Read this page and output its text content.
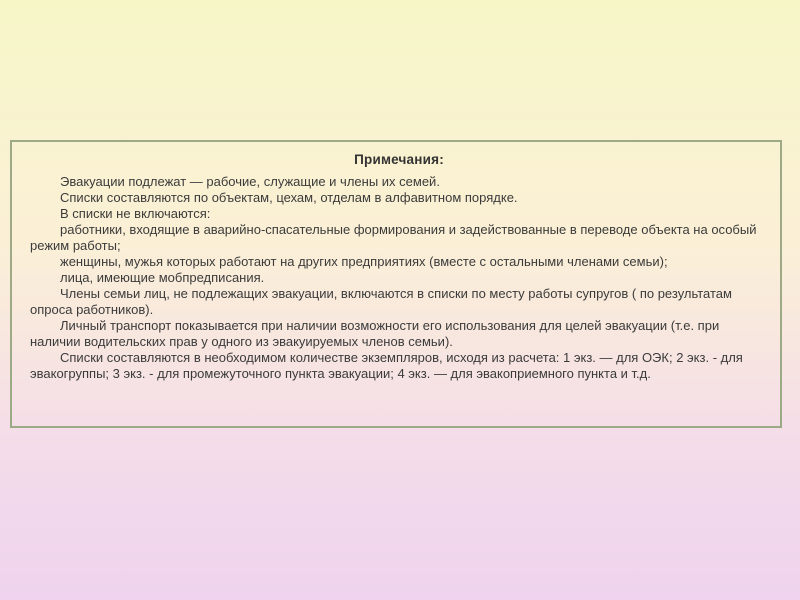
Примечания:

Эвакуации подлежат — рабочие, служащие и члены их семей.

Списки составляются по объектам, цехам, отделам в алфавитном порядке.

В списки не включаются:

работники, входящие в аварийно-спасательные формирования и задействованные в переводе объекта на особый режим работы;

женщины, мужья которых работают на других предприятиях (вместе с остальными членами семьи);

лица, имеющие мобпредписания.

Члены семьи лиц, не подлежащих эвакуации, включаются в списки по месту работы супругов ( по результатам опроса работников).

Личный транспорт показывается при наличии возможности его использования для целей эвакуации (т.е. при наличии водительских прав у одного из эвакуируемых членов семьи).

Списки составляются в необходимом количестве экземпляров, исходя из расчета: 1 экз. — для ОЭК; 2 экз. - для эвакогруппы; 3 экз. - для промежуточного пункта эвакуации; 4 экз. — для эвакоприемного пункта и т.д.
